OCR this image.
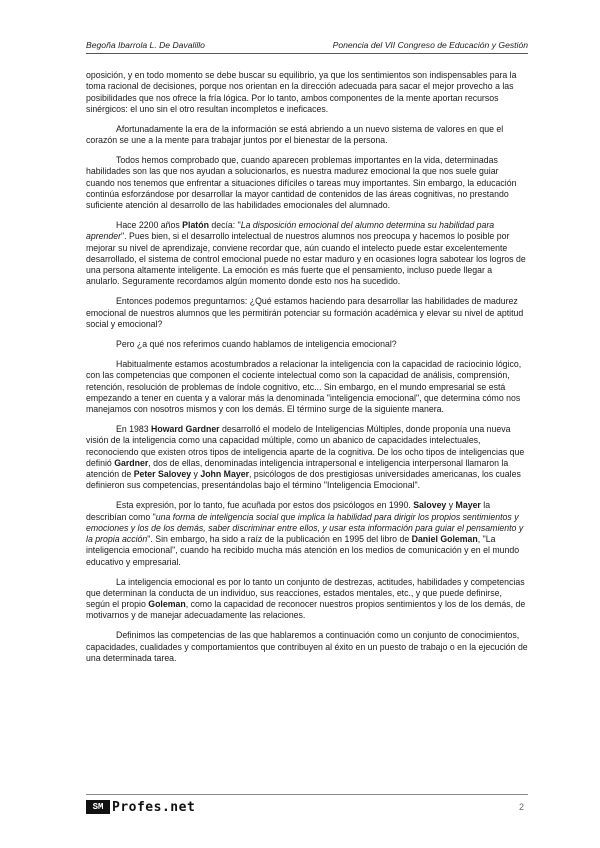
Begoña Ibarrola L. De Davalillo	Ponencia del VII Congreso de Educación y Gestión

oposición, y en todo momento se debe buscar su equilibrio, ya que los sentimientos son indispensables para la toma racional de decisiones, porque nos orientan en la dirección adecuada para sacar el mejor provecho a las posibilidades que nos ofrece la fría lógica. Por lo tanto, ambos componentes de la mente aportan recursos sinérgicos: el uno sin el otro resultan incompletos e ineficaces.

Afortunadamente la era de la información se está abriendo a un nuevo sistema de valores en que el corazón se une a la mente para trabajar juntos por el bienestar de la persona.

Todos hemos comprobado que, cuando aparecen problemas importantes en la vida, determinadas habilidades son las que nos ayudan a solucionarlos, es nuestra madurez emocional la que nos suele guiar cuando nos tenemos que enfrentar a situaciones difíciles o tareas muy importantes. Sin embargo, la educación continúa esforzándose por desarrollar la mayor cantidad de contenidos de las áreas cognitivas, no prestando suficiente atención al desarrollo de las habilidades emocionales del alumnado.

Hace 2200 años Platón decía: "La disposición emocional del alumno determina su habilidad para aprender". Pues bien, si el desarrollo intelectual de nuestros alumnos nos preocupa y hacemos lo posible por mejorar su nivel de aprendizaje, conviene recordar que, aún cuando el intelecto puede estar excelentemente desarrollado, el sistema de control emocional puede no estar maduro y en ocasiones logra sabotear los logros de una persona altamente inteligente. La emoción es más fuerte que el pensamiento, incluso puede llegar a anularlo. Seguramente recordamos algún momento donde esto nos ha sucedido.

Entonces podemos preguntarnos: ¿Qué estamos haciendo para desarrollar las habilidades de madurez emocional de nuestros alumnos que les permitirán potenciar su formación académica y elevar su nivel de aptitud social y emocional?

Pero ¿a qué nos referimos cuando hablamos de inteligencia emocional?

Habitualmente estamos acostumbrados a relacionar la inteligencia con la capacidad de raciocinio lógico, con las competencias que componen el cociente intelectual como son la capacidad de análisis, comprensión, retención, resolución de problemas de índole cognitivo, etc... Sin embargo, en el mundo empresarial se está empezando a tener en cuenta y a valorar más la denominada "inteligencia emocional", que determina cómo nos manejamos con nosotros mismos y con los demás. El término surge de la siguiente manera.

En 1983 Howard Gardner desarrolló el modelo de Inteligencias Múltiples, donde proponía una nueva visión de la inteligencia como una capacidad múltiple, como un abanico de capacidades intelectuales, reconociendo que existen otros tipos de inteligencia aparte de la cognitiva. De los ocho tipos de inteligencias que definió Gardner, dos de ellas, denominadas inteligencia intrapersonal e inteligencia interpersonal llamaron la atención de Peter Salovey y John Mayer, psicólogos de dos prestigiosas universidades americanas, los cuales definieron sus competencias, presentándolas bajo el término "Inteligencia Emocional".

Esta expresión, por lo tanto, fue acuñada por estos dos psicólogos en 1990. Salovey y Mayer la describían como "una forma de inteligencia social que implica la habilidad para dirigir los propios sentimientos y emociones y los de los demás, saber discriminar entre ellos, y usar esta información para guiar el pensamiento y la propia acción". Sin embargo, ha sido a raíz de la publicación en 1995 del libro de Daniel Goleman, "La inteligencia emocional", cuando ha recibido mucha más atención en los medios de comunicación y en el mundo educativo y empresarial.

La inteligencia emocional es por lo tanto un conjunto de destrezas, actitudes, habilidades y competencias que determinan la conducta de un individuo, sus reacciones, estados mentales, etc., y que puede definirse, según el propio Goleman, como la capacidad de reconocer nuestros propios sentimientos y los de los demás, de motivarnos y de manejar adecuadamente las relaciones.

Definimos las competencias de las que hablaremos a continuación como un conjunto de conocimientos, capacidades, cualidades y comportamientos que contribuyen al éxito en un puesto de trabajo o en la ejecución de una determinada tarea.

SM Profes.net	2
